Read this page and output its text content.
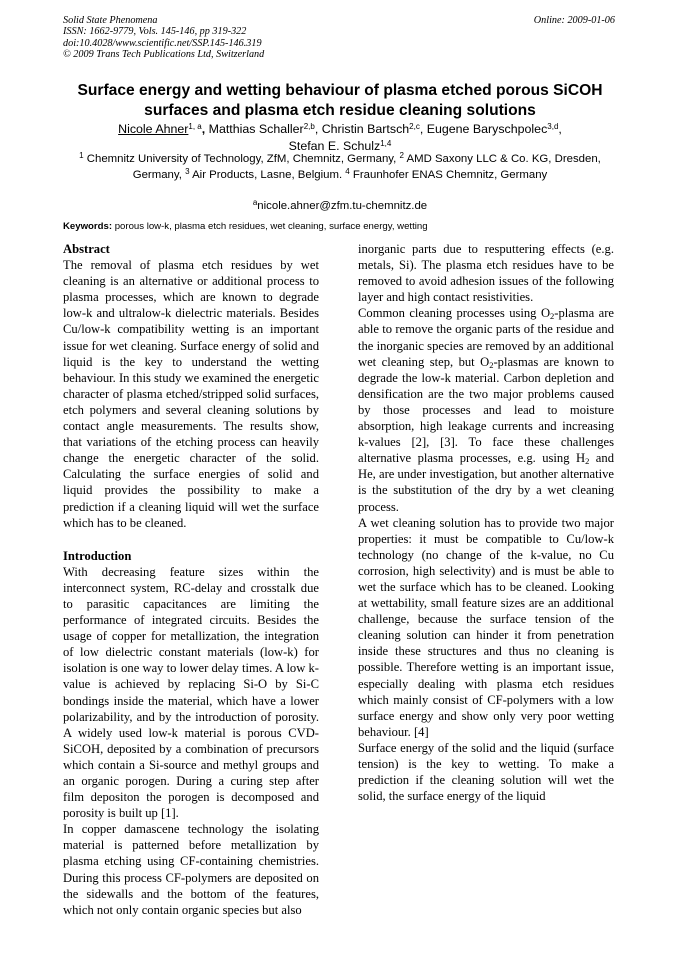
Solid State Phenomena
ISSN: 1662-9779, Vols. 145-146, pp 319-322
doi:10.4028/www.scientific.net/SSP.145-146.319
© 2009 Trans Tech Publications Ltd, Switzerland
Online: 2009-01-06
Surface energy and wetting behaviour of plasma etched porous SiCOH
surfaces and plasma etch residue cleaning solutions
Nicole Ahner$^{1, a}$, Matthias Schaller$^{2,b}$, Christin Bartsch$^{2,c}$, Eugene Baryschpolec$^{3,d}$,
Stefan E. Schulz$^{1,4}$
$^1$ Chemnitz University of Technology, ZfM, Chemnitz, Germany, $^2$ AMD Saxony LLC & Co. KG, Dresden, Germany, $^3$ Air Products, Lasne, Belgium. $^4$ Fraunhofer ENAS Chemnitz, Germany
$^a$nicole.ahner@zfm.tu-chemnitz.de
Keywords: porous low-k, plasma etch residues, wet cleaning, surface energy, wetting
Abstract

The removal of plasma etch residues by wet cleaning is an alternative or additional process to plasma processes, which are known to degrade low-k and ultralow-k dielectric materials. Besides Cu/low-k compatibility wetting is an important issue for wet cleaning. Surface energy of solid and liquid is the key to understand the wetting behaviour. In this study we examined the energetic character of plasma etched/stripped solid surfaces, etch polymers and several cleaning solutions by contact angle measurements. The results show, that variations of the etching process can heavily change the energetic character of the solid. Calculating the surface energies of solid and liquid provides the possibility to make a prediction if a cleaning liquid will wet the surface which has to be cleaned.

Introduction

With decreasing feature sizes within the interconnect system, RC-delay and crosstalk due to parasitic capacitances are limiting the performance of integrated circuits. Besides the usage of copper for metallization, the integration of low dielectric constant materials (low-k) for isolation is one way to lower delay times. A low k-value is achieved by replacing Si-O by Si-C bondings inside the material, which have a lower polarizability, and by the introduction of porosity. A widely used low-k material is porous CVD-SiCOH, deposited by a combination of precursors which contain a Si-source and methyl groups and an organic porogen. During a curing step after film depositon the porogen is decomposed and porosity is built up [1].

In copper damascene technology the isolating material is patterned before metallization by plasma etching using CF-containing chemistries. During this process CF-polymers are deposited on the sidewalls and the bottom of the features, which not only contain organic species but also

inorganic parts due to resputtering effects (e.g. metals, Si). The plasma etch residues have to be removed to avoid adhesion issues of the following layer and high contact resistivities.

Common cleaning processes using $O_2$-plasma are able to remove the organic parts of the residue and the inorganic species are removed by an additional wet cleaning step, but $O_2$-plasmas are known to degrade the low-k material. Carbon depletion and densification are the two major problems caused by those processes and lead to moisture absorption, high leakage currents and increasing k-values [2], [3]. To face these challenges alternative plasma processes, e.g. using $H_2$ and He, are under investigation, but another alternative is the substitution of the dry by a wet cleaning process.

A wet cleaning solution has to provide two major properties: it must be compatible to Cu/low-k technology (no change of the k-value, no Cu corrosion, high selectivity) and is must be able to wet the surface which has to be cleaned. Looking at wettability, small feature sizes are an additional challenge, because the surface tension of the cleaning solution can hinder it from penetration inside these structures and thus no cleaning is possible. Therefore wetting is an important issue, especially dealing with plasma etch residues which mainly consist of CF-polymers with a low surface energy and show only very poor wetting behaviour. [4]

Surface energy of the solid and the liquid (surface tension) is the key to wetting. To make a prediction if the cleaning solution will wet the solid, the surface energy of the liquid
